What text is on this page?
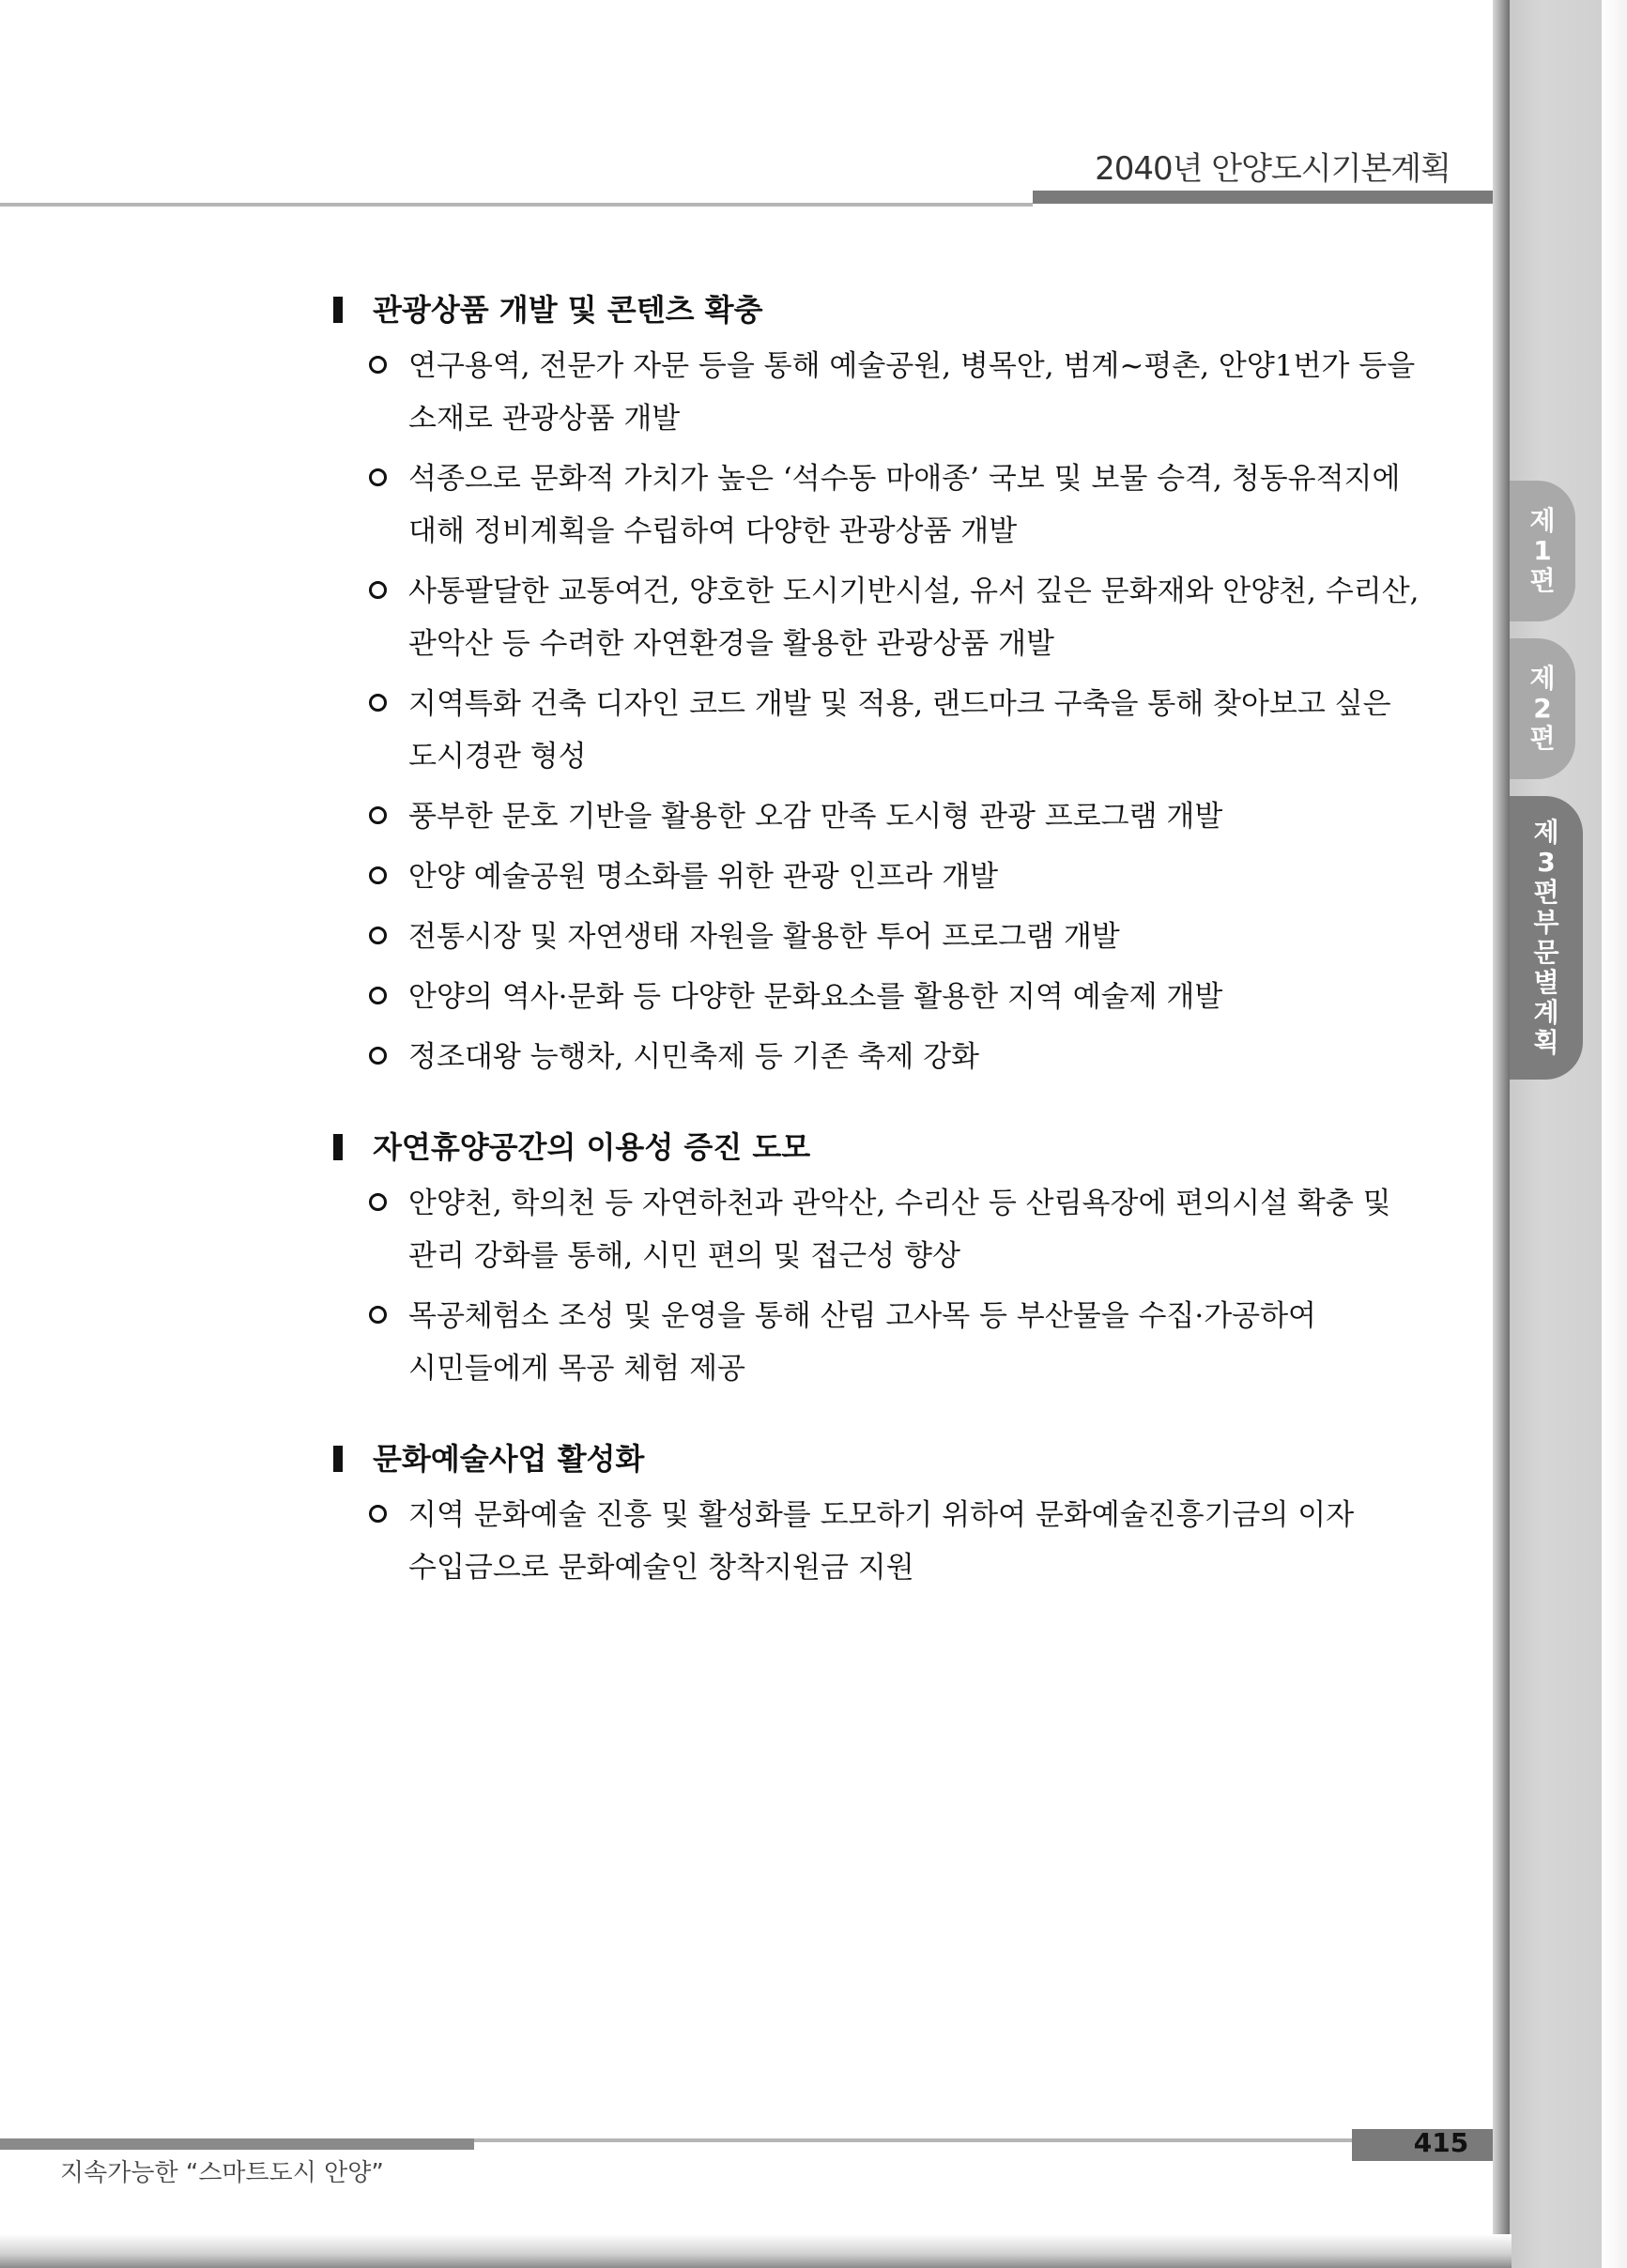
2040년 안양도시기본계획
제
1
편
제
2
편
제
3
편
부
문
별
계
획
관광상품 개발 및 콘텐츠 확충
연구용역, 전문가 자문 등을 통해 예술공원, 병목안, 범계~평촌, 안양1번가 등을
소재로 관광상품 개발
석종으로 문화적 가치가 높은 ‘석수동 마애종’ 국보 및 보물 승격, 청동유적지에
대해 정비계획을 수립하여 다양한 관광상품 개발
사통팔달한 교통여건, 양호한 도시기반시설, 유서 깊은 문화재와 안양천, 수리산,
관악산 등 수려한 자연환경을 활용한 관광상품 개발
지역특화 건축 디자인 코드 개발 및 적용, 랜드마크 구축을 통해 찾아보고 싶은
도시경관 형성
풍부한 문호 기반을 활용한 오감 만족 도시형 관광 프로그램 개발
안양 예술공원 명소화를 위한 관광 인프라 개발
전통시장 및 자연생태 자원을 활용한 투어 프로그램 개발
안양의 역사·문화 등 다양한 문화요소를 활용한 지역 예술제 개발
정조대왕 능행차, 시민축제 등 기존 축제 강화
자연휴양공간의 이용성 증진 도모
안양천, 학의천 등 자연하천과 관악산, 수리산 등 산림욕장에 편의시설 확충 및
관리 강화를 통해, 시민 편의 및 접근성 향상
목공체험소 조성 및 운영을 통해 산림 고사목 등 부산물을 수집·가공하여
시민들에게 목공 체험 제공
문화예술사업 활성화
지역 문화예술 진흥 및 활성화를 도모하기 위하여 문화예술진흥기금의 이자
수입금으로 문화예술인 창착지원금 지원
415
지속가능한 “스마트도시 안양”
